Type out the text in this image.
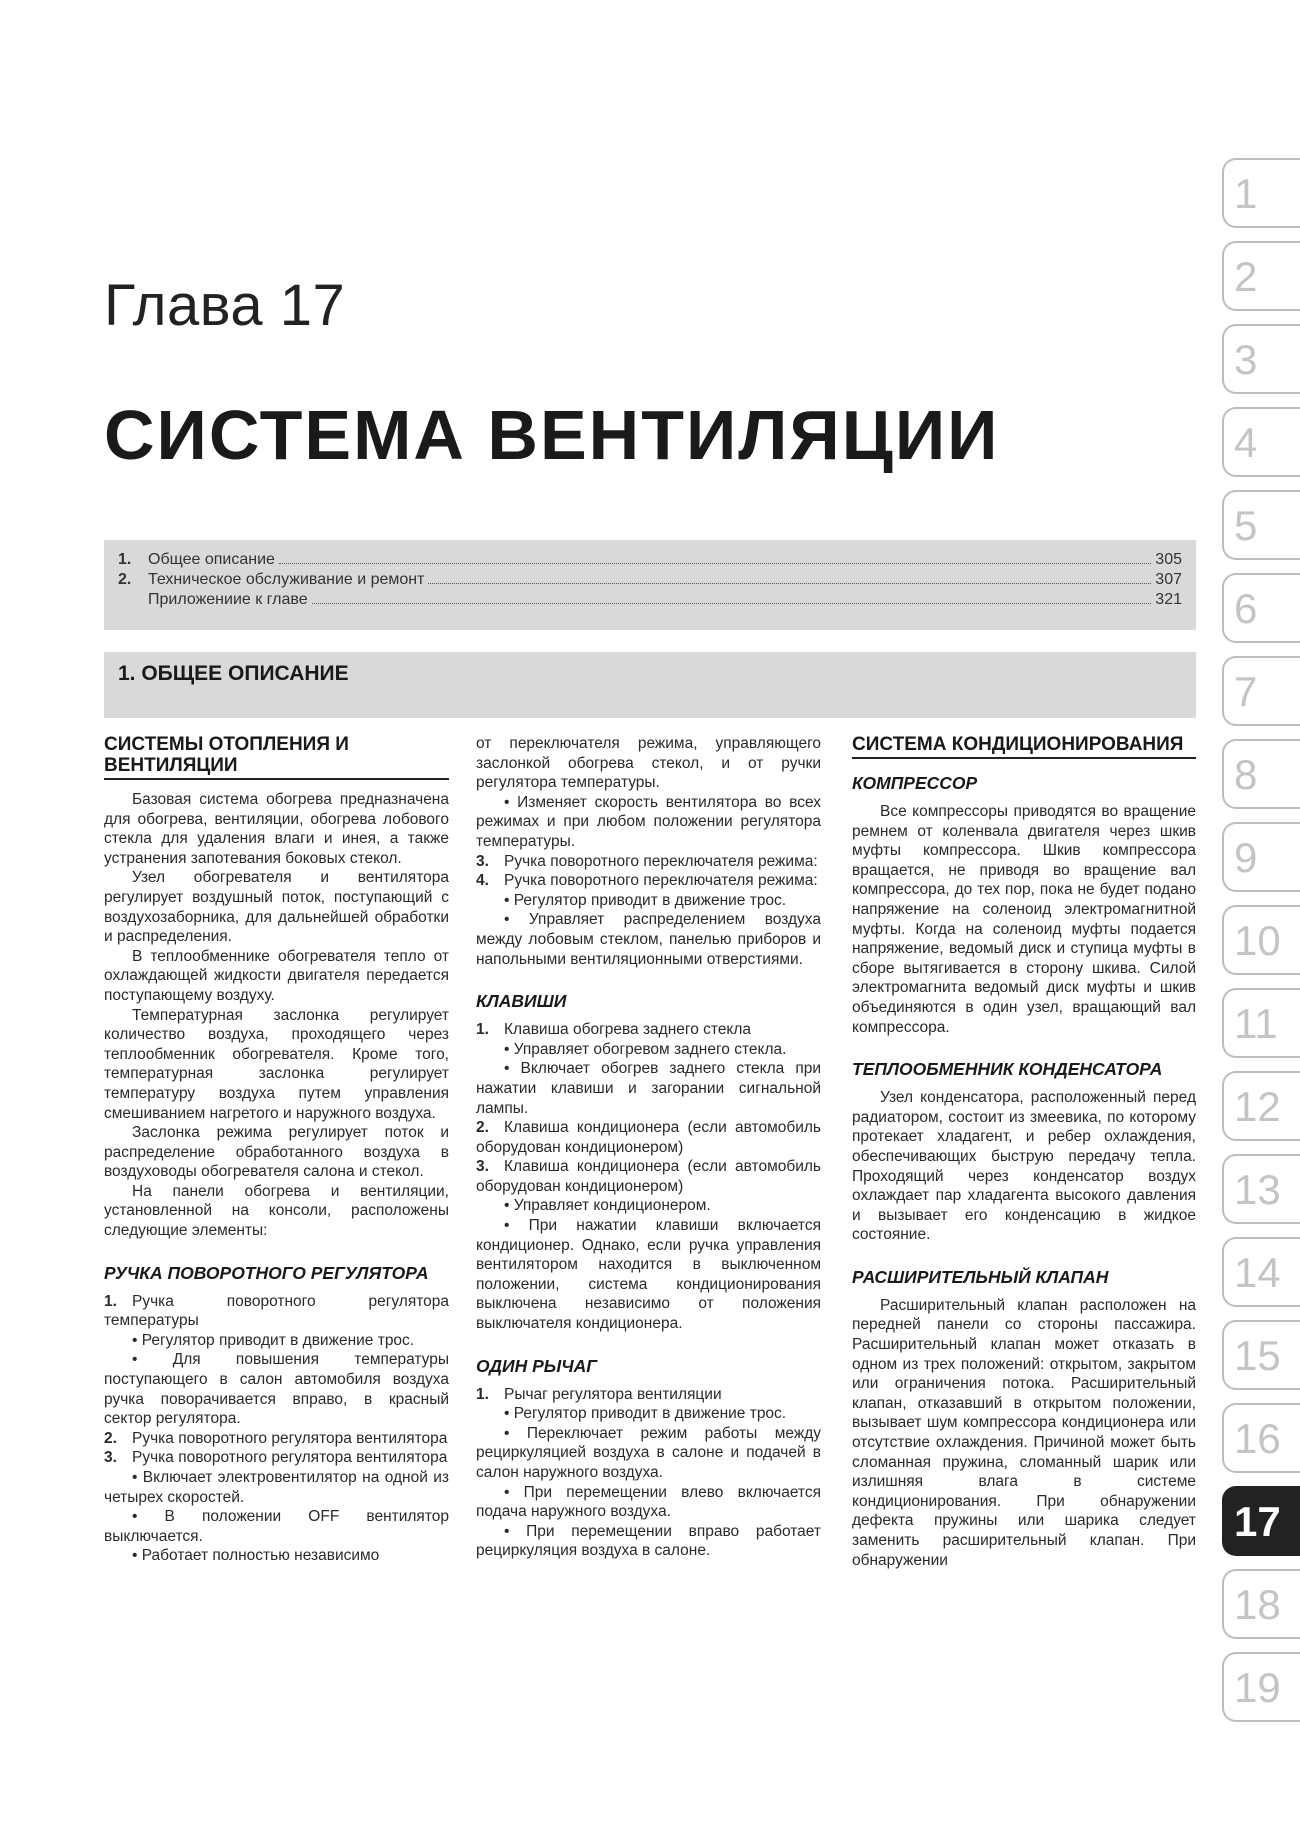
Глава 17
СИСТЕМА ВЕНТИЛЯЦИИ
1.	Общее описание	305
2.	Техническое обслуживание и ремонт	307
Приложениие к главе	321
1. ОБЩЕЕ ОПИСАНИЕ
1
2
3
4
5
6
7
8
9
10
11
12
13
14
15
16
17
18
19
СИСТЕМЫ ОТОПЛЕНИЯ И ВЕНТИЛЯЦИИ

Базовая система обогрева предназначена для обогрева, вентиляции, обогрева лобового стекла для удаления влаги и инея, а также устранения запотевания боковых стекол.

Узел обогревателя и вентилятора регулирует воздушный поток, поступающий с воздухозаборника, для дальнейшей обработки и распределения.

В теплообменнике обогревателя тепло от охлаждающей жидкости двигателя передается поступающему воздуху.

Температурная заслонка регулирует количество воздуха, проходящего через теплообменник обогревателя. Кроме того, температурная заслонка регулирует температуру воздуха путем управления смешиванием нагретого и наружного воздуха.

Заслонка режима регулирует поток и распределение обработанного воздуха в воздуховоды обогревателя салона и стекол.

На панели обогрева и вентиляции, установленной на консоли, расположены следующие элементы:

РУЧКА ПОВОРОТНОГО РЕГУЛЯТОРА

1. Ручка поворотного регулятора температуры

• Регулятор приводит в движение трос.

• Для повышения температуры поступающего в салон автомобиля воздуха ручка поворачивается вправо, в красный сектор регулятора.

2. Ручка поворотного регулятора вентилятора

3. Ручка поворотного регулятора вентилятора

• Включает электровентилятор на одной из четырех скоростей.

• В положении OFF вентилятор выключается.

• Работает полностью независимо

от переключателя режима, управляющего заслонкой обогрева стекол, и от ручки регулятора температуры.

• Изменяет скорость вентилятора во всех режимах и при любом положении регулятора температуры.

3. Ручка поворотного переключателя режима:

4. Ручка поворотного переключателя режима:

• Регулятор приводит в движение трос.

• Управляет распределением воздуха между лобовым стеклом, панелью приборов и напольными вентиляционными отверстиями.

КЛАВИШИ

1. Клавиша обогрева заднего стекла

• Управляет обогревом заднего стекла.

• Включает обогрев заднего стекла при нажатии клавиши и загорании сигнальной лампы.

2. Клавиша кондиционера (если автомобиль оборудован кондиционером)

3. Клавиша кондиционера (если автомобиль оборудован кондиционером)

• Управляет кондиционером.

• При нажатии клавиши включается кондиционер. Однако, если ручка управления вентилятором находится в выключенном положении, система кондиционирования выключена независимо от положения выключателя кондиционера.

ОДИН РЫЧАГ

1. Рычаг регулятора вентиляции

• Регулятор приводит в движение трос.

• Переключает режим работы между рециркуляцией воздуха в салоне и подачей в салон наружного воздуха.

• При перемещении влево включается подача наружного воздуха.

• При перемещении вправо работает рециркуляция воздуха в салоне.

СИСТЕМА КОНДИЦИОНИРОВАНИЯ
КОМПРЕССОР

Все компрессоры приводятся во вращение ремнем от коленвала двигателя через шкив муфты компрессора. Шкив компрессора вращается, не приводя во вращение вал компрессора, до тех пор, пока не будет подано напряжение на соленоид электромагнитной муфты. Когда на соленоид муфты подается напряжение, ведомый диск и ступица муфты в сборе вытягивается в сторону шкива. Силой электромагнита ведомый диск муфты и шкив объединяются в один узел, вращающий вал компрессора.

ТЕПЛООБМЕННИК КОНДЕНСАТОРА

Узел конденсатора, расположенный перед радиатором, состоит из змеевика, по которому протекает хладагент, и ребер охлаждения, обеспечивающих быструю передачу тепла. Проходящий через конденсатор воздух охлаждает пар хладагента высокого давления и вызывает его конденсацию в жидкое состояние.

РАСШИРИТЕЛЬНЫЙ КЛАПАН

Расширительный клапан расположен на передней панели со стороны пассажира. Расширительный клапан может отказать в одном из трех положений: открытом, закрытом или ограничения потока. Расширительный клапан, отказавший в открытом положении, вызывает шум компрессора кондиционера или отсутствие охлаждения. Причиной может быть сломанная пружина, сломанный шарик или излишняя влага в системе кондиционирования. При обнаружении дефекта пружины или шарика следует заменить расширительный клапан. При обнаружении
